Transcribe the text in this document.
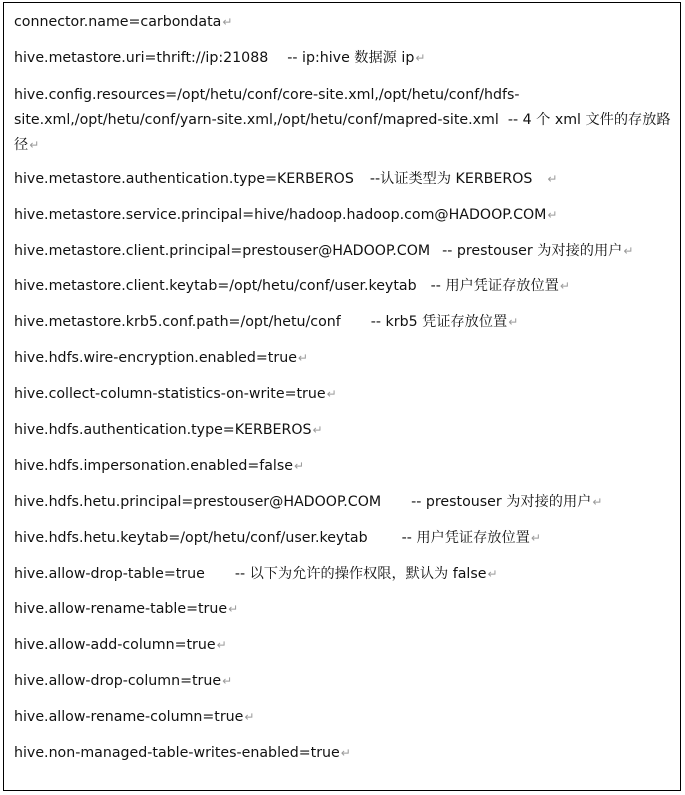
connector.name=carbondata↵
hive.metastore.uri=thrift://ip:21088 -- ip:hive 数据源 ip↵
hive.config.resources=/opt/hetu/conf/core-site.xml,/opt/hetu/conf/hdfs-site.xml,/opt/hetu/conf/yarn-site.xml,/opt/hetu/conf/mapred-site.xml -- 4 个 xml 文件的存放路径↵
hive.metastore.authentication.type=KERBEROS --认证类型为 KERBEROS ↵
hive.metastore.service.principal=hive/hadoop.hadoop.com@HADOOP.COM↵
hive.metastore.client.principal=prestouser@HADOOP.COM -- prestouser 为对接的用户↵
hive.metastore.client.keytab=/opt/hetu/conf/user.keytab -- 用户凭证存放位置↵
hive.metastore.krb5.conf.path=/opt/hetu/conf -- krb5 凭证存放位置↵
hive.hdfs.wire-encryption.enabled=true↵
hive.collect-column-statistics-on-write=true↵
hive.hdfs.authentication.type=KERBEROS↵
hive.hdfs.impersonation.enabled=false↵
hive.hdfs.hetu.principal=prestouser@HADOOP.COM -- prestouser 为对接的用户↵
hive.hdfs.hetu.keytab=/opt/hetu/conf/user.keytab -- 用户凭证存放位置↵
hive.allow-drop-table=true -- 以下为允许的操作权限，默认为 false↵
hive.allow-rename-table=true↵
hive.allow-add-column=true↵
hive.allow-drop-column=true↵
hive.allow-rename-column=true↵
hive.non-managed-table-writes-enabled=true↵
